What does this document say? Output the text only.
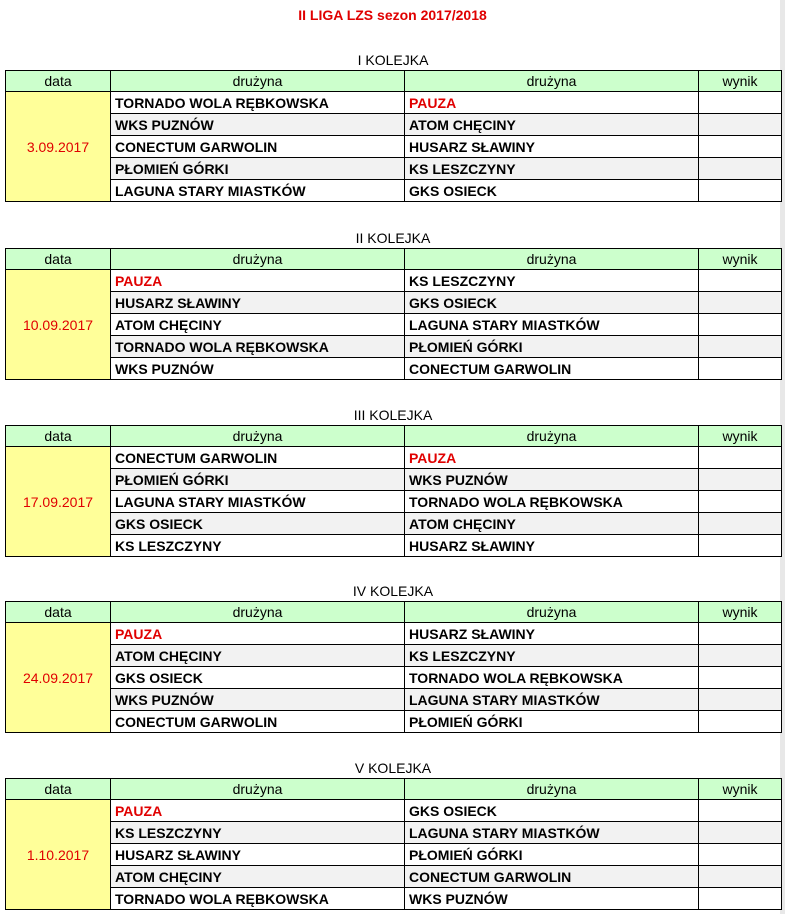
II LIGA LZS sezon 2017/2018
I KOLEJKA
data	drużyna	drużyna	wynik
3.09.2017	TORNADO WOLA RĘBKOWSKA	PAUZA	
	WKS PUZNÓW	ATOM CHĘCINY	
	CONECTUM GARWOLIN	HUSARZ SŁAWINY	
	PŁOMIEŃ GÓRKI	KS LESZCZYNY	
	LAGUNA STARY MIASTKÓW	GKS OSIECK	
II KOLEJKA
data	drużyna	drużyna	wynik
10.09.2017	PAUZA	KS LESZCZYNY	
	HUSARZ SŁAWINY	GKS OSIECK	
	ATOM CHĘCINY	LAGUNA STARY MIASTKÓW	
	TORNADO WOLA RĘBKOWSKA	PŁOMIEŃ GÓRKI	
	WKS PUZNÓW	CONECTUM GARWOLIN	
III KOLEJKA
data	drużyna	drużyna	wynik
17.09.2017	CONECTUM GARWOLIN	PAUZA	
	PŁOMIEŃ GÓRKI	WKS PUZNÓW	
	LAGUNA STARY MIASTKÓW	TORNADO WOLA RĘBKOWSKA	
	GKS OSIECK	ATOM CHĘCINY	
	KS LESZCZYNY	HUSARZ SŁAWINY	
IV KOLEJKA
data	drużyna	drużyna	wynik
24.09.2017	PAUZA	HUSARZ SŁAWINY	
	ATOM CHĘCINY	KS LESZCZYNY	
	GKS OSIECK	TORNADO WOLA RĘBKOWSKA	
	WKS PUZNÓW	LAGUNA STARY MIASTKÓW	
	CONECTUM GARWOLIN	PŁOMIEŃ GÓRKI	
V KOLEJKA
data	drużyna	drużyna	wynik
1.10.2017	PAUZA	GKS OSIECK	
	KS LESZCZYNY	LAGUNA STARY MIASTKÓW	
	HUSARZ SŁAWINY	PŁOMIEŃ GÓRKI	
	ATOM CHĘCINY	CONECTUM GARWOLIN	
	TORNADO WOLA RĘBKOWSKA	WKS PUZNÓW	
